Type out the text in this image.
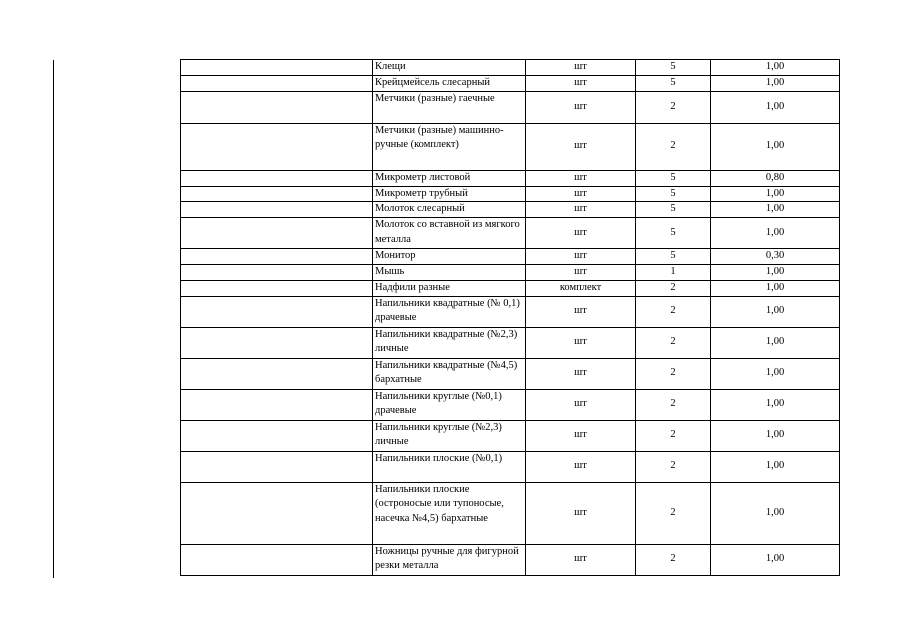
	Клещи	шт	5	1,00
	Крейцмейсель слесарный	шт	5	1,00
	Метчики (разные) гаечные	шт	2	1,00
	Метчики (разные) машинно-ручные (комплект)	шт	2	1,00
	Микрометр листовой	шт	5	0,80
	Микрометр трубный	шт	5	1,00
	Молоток слесарный	шт	5	1,00
	Молоток со вставной из мягкого металла	шт	5	1,00
	Монитор	шт	5	0,30
	Мышь	шт	1	1,00
	Надфили разные	комплект	2	1,00
	Напильники квадратные (№ 0,1) драчевые	шт	2	1,00
	Напильники квадратные (№2,3) личные	шт	2	1,00
	Напильники квадратные (№4,5) бархатные	шт	2	1,00
	Напильники круглые (№0,1) драчевые	шт	2	1,00
	Напильники круглые (№2,3) личные	шт	2	1,00
	Напильники плоские (№0,1)	шт	2	1,00
	Напильники плоские (остроносые или тупоносые, насечка №4,5) бархатные	шт	2	1,00
	Ножницы ручные для фигурной резки металла	шт	2	1,00
